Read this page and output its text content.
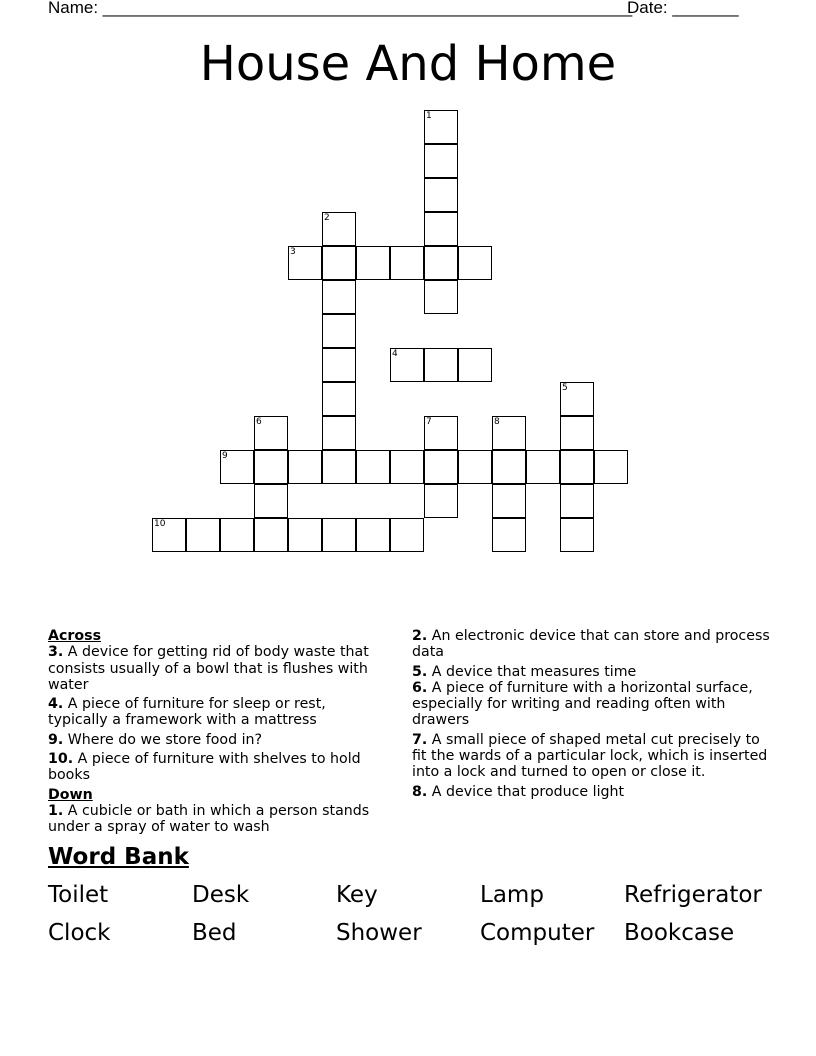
Name: ________________________________________________________
Date: _______
House And Home
1
2
3
4
5
6	7	8
9
10
Across
3. A device for getting rid of body waste that consists usually of a bowl that is flushes with water
4. A piece of furniture for sleep or rest, typically a framework with a mattress
9. Where do we store food in?
10. A piece of furniture with shelves to hold books
Down
1. A cubicle or bath in which a person stands under a spray of water to wash
2. An electronic device that can store and process data
5. A device that measures time
6. A piece of furniture with a horizontal surface, especially for writing and reading often with drawers
7. A small piece of shaped metal cut precisely to fit the wards of a particular lock, which is inserted into a lock and turned to open or close it.
8. A device that produce light
Word Bank
Toilet	Desk	Key	Lamp	Refrigerator
Clock	Bed	Shower	Computer Bookcase
